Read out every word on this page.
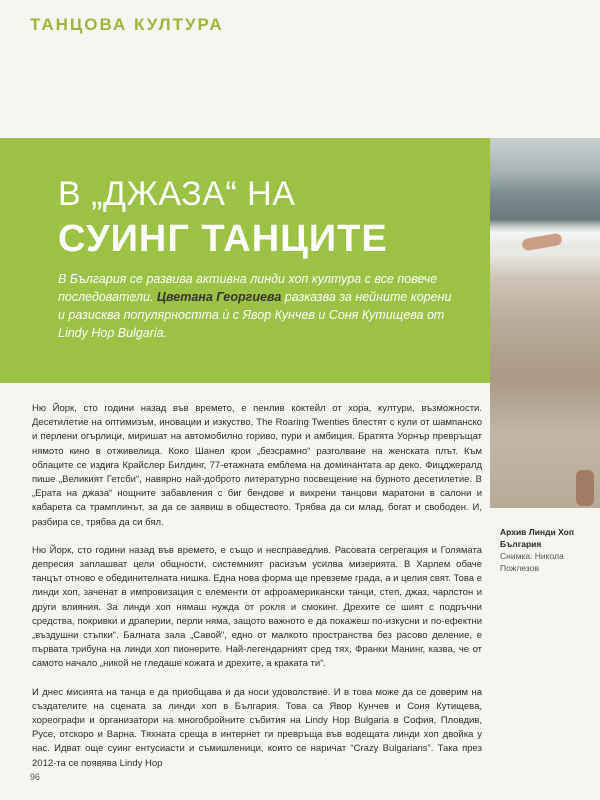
ТАНЦОВА КУЛТУРА
В „ДЖАЗА“ НА
СУИНГ ТАНЦИТЕ
В България се развива активна линди хоп култура с все повече последователи. Цветана Георгиева разказва за нейните корени и разисква популярността ѝ с Явор Кунчев и Соня Кутищева от Lindy Hop Bulgaria.

Ню Йорк, сто години назад във времето, е пенлив коктейл от хора, култури, възможности. Десетилетие на оптимизъм, иновации и изкуство, The Roaring Twenties блестят с кули от шампанско и перлени огърлици, миришат на автомобилно гориво, пури и амбиция. Братята Уорнър превръщат нямото кино в отживелица. Коко Шанел крои „безсрамно“ разголване на женската плът. Към облаците се издига Крайслер Билдинг, 77-етажната емблема на доминантата ар деко. Фицджералд пише „Великият Гетсби“, навярно най-доброто литературно посвещение на бурното десетилетие. В „Ерата на джаза“ нощните забавления с биг бендове и вихрени танцови маратони в салони и кабарета са трамплинът, за да се заявиш в обществото. Трябва да си млад, богат и свободен. И, разбира се, трябва да си бял.

Ню Йорк, сто години назад във времето, е също и несправедлив. Расовата сегрегация и Голямата депресия заплашват цели общности, системният расизъм усилва мизерията. В Харлем обаче танцът отново е обединителната нишка. Една нова форма ще превземе града, а и целия свят. Това е линди хоп, заченат в импровизация с елементи от афроамерикански танци, степ, джаз, чарлстон и други влияния. За линди хоп нямаш нужда от рокля и смокинг. Дрехите се шият с подръчни средства, покривки и драперии, перли няма, защото важното е да покажеш по-изкусни и по-ефектни „въздушни стъпки“. Балната зала „Савой“, едно от малкото пространства без расово деление, е първата трибуна на линди хоп пионерите. Най-легендарният сред тях, Франки Манинг, казва, че от самото начало „никой не гледаше кожата и дрехите, а краката ти“.

И днес мисията на танца е да приобщава и да носи удоволствие. И в това може да се доверим на създателите на сцената за линди хоп в България. Това са Явор Кунчев и Соня Кутищева, хореографи и организатори на многобройните събития на Lindy Hop Bulgaria в София, Пловдив, Русе, отскоро и Варна. Тяхната среща в интернет ги превръща във водещата линди хоп двойка у нас. Идват още суинг ентусиасти и съмишленици, които се наричат “Crazy Bulgarians”. Така през 2012-та се появява Lindy Hop

Архив Линди Хоп България
Снимка: Никола Пожлезов
96
